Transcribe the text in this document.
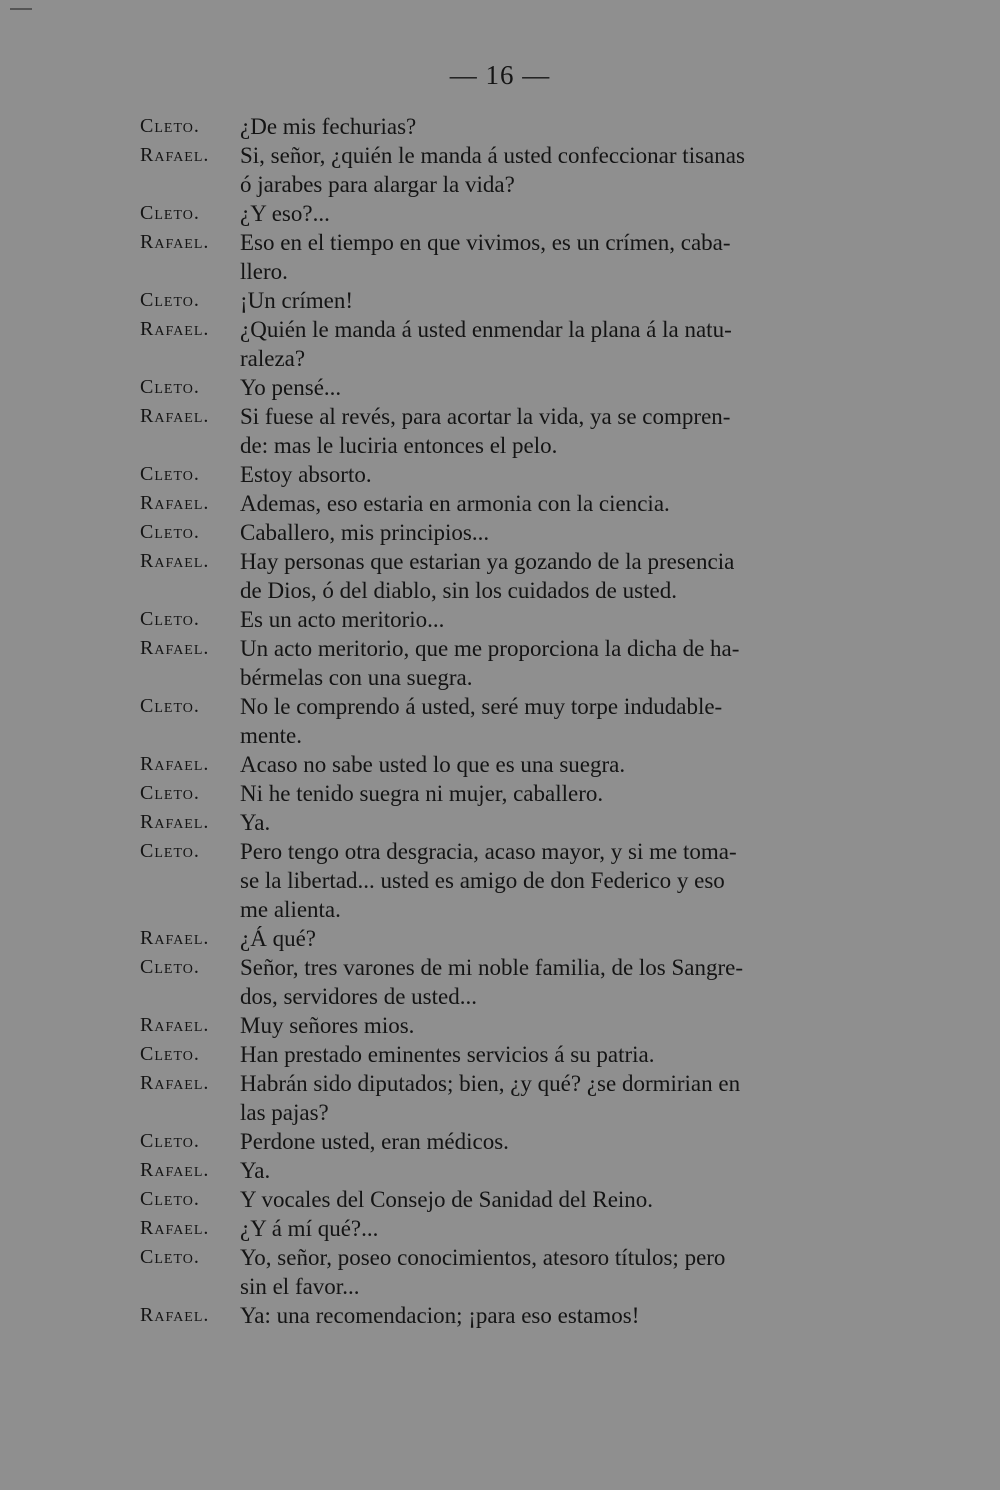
— 16 —
Cleto.	¿De mis fechurias?
Rafael.	Si, señor, ¿quién le manda á usted confeccionar tisanas
ó jarabes para alargar la vida?
Cleto.	¿Y eso?...
Rafael.	Eso en el tiempo en que vivimos, es un crímen, caba-
llero.
Cleto.	¡Un crímen!
Rafael.	¿Quién le manda á usted enmendar la plana á la natu-
raleza?
Cleto.	Yo pensé...
Rafael.	Si fuese al revés, para acortar la vida, ya se compren-
de: mas le luciria entonces el pelo.
Cleto.	Estoy absorto.
Rafael.	Ademas, eso estaria en armonia con la ciencia.
Cleto.	Caballero, mis principios...
Rafael.	Hay personas que estarian ya gozando de la presencia
de Dios, ó del diablo, sin los cuidados de usted.
Cleto.	Es un acto meritorio...
Rafael.	Un acto meritorio, que me proporciona la dicha de ha-
bérmelas con una suegra.
Cleto.	No le comprendo á usted, seré muy torpe indudable-
mente.
Rafael.	Acaso no sabe usted lo que es una suegra.
Cleto.	Ni he tenido suegra ni mujer, caballero.
Rafael.	Ya.
Cleto.	Pero tengo otra desgracia, acaso mayor, y si me toma-
se la libertad... usted es amigo de don Federico y eso
me alienta.
Rafael.	¿Á qué?
Cleto.	Señor, tres varones de mi noble familia, de los Sangre-
dos, servidores de usted...
Rafael.	Muy señores mios.
Cleto.	Han prestado eminentes servicios á su patria.
Rafael.	Habrán sido diputados; bien, ¿y qué? ¿se dormirian en
las pajas?
Cleto.	Perdone usted, eran médicos.
Rafael.	Ya.
Cleto.	Y vocales del Consejo de Sanidad del Reino.
Rafael.	¿Y á mí qué?...
Cleto.	Yo, señor, poseo conocimientos, atesoro títulos; pero
sin el favor...
Rafael.	Ya: una recomendacion; ¡para eso estamos!
